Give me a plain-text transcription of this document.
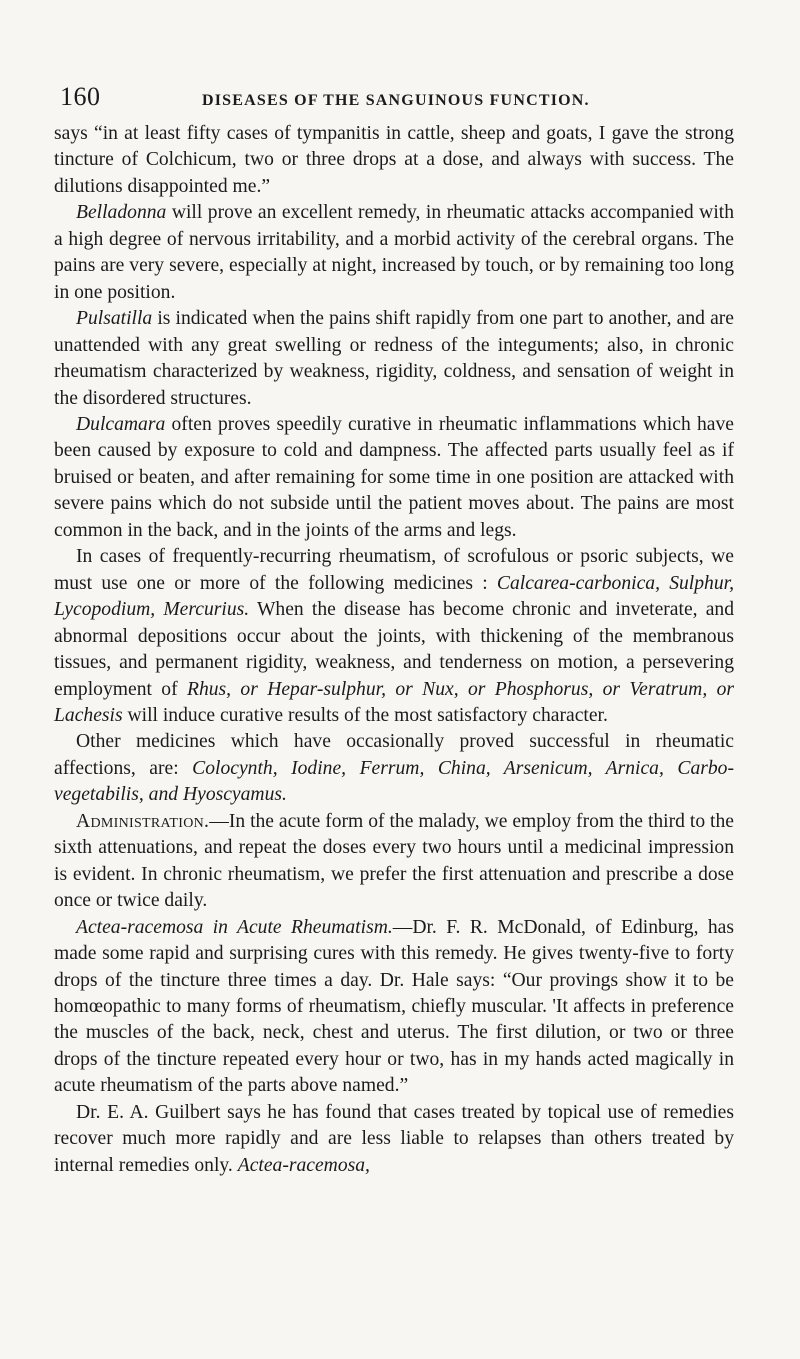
160	DISEASES OF THE SANGUINOUS FUNCTION.

says “in at least fifty cases of tympanitis in cattle, sheep and goats, I gave the strong tincture of Colchicum, two or three drops at a dose, and always with success. The dilutions disappointed me.”

Belladonna will prove an excellent remedy, in rheumatic attacks accompanied with a high degree of nervous irritability, and a morbid activity of the cerebral organs. The pains are very severe, especially at night, increased by touch, or by remaining too long in one position.

Pulsatilla is indicated when the pains shift rapidly from one part to another, and are unattended with any great swelling or redness of the integuments; also, in chronic rheumatism characterized by weakness, rigidity, coldness, and sensation of weight in the disordered structures.

Dulcamara often proves speedily curative in rheumatic inflammations which have been caused by exposure to cold and dampness. The affected parts usually feel as if bruised or beaten, and after remaining for some time in one position are attacked with severe pains which do not subside until the patient moves about. The pains are most common in the back, and in the joints of the arms and legs.

In cases of frequently-recurring rheumatism, of scrofulous or psoric subjects, we must use one or more of the following medicines : Calcarea-carbonica, Sulphur, Lycopodium, Mercurius. When the disease has become chronic and inveterate, and abnormal depositions occur about the joints, with thickening of the membranous tissues, and permanent rigidity, weakness, and tenderness on motion, a persevering employment of Rhus, or Hepar-sulphur, or Nux, or Phosphorus, or Veratrum, or Lachesis will induce curative results of the most satisfactory character.

Other medicines which have occasionally proved successful in rheumatic affections, are: Colocynth, Iodine, Ferrum, China, Arsenicum, Arnica, Carbo-vegetabilis, and Hyoscyamus.

Administration.—In the acute form of the malady, we employ from the third to the sixth attenuations, and repeat the doses every two hours until a medicinal impression is evident. In chronic rheumatism, we prefer the first attenuation and prescribe a dose once or twice daily.

Actea-racemosa in Acute Rheumatism.—Dr. F. R. McDonald, of Edinburg, has made some rapid and surprising cures with this remedy. He gives twenty-five to forty drops of the tincture three times a day. Dr. Hale says: “Our provings show it to be homœopathic to many forms of rheumatism, chiefly muscular. 'It affects in preference the muscles of the back, neck, chest and uterus. The first dilution, or two or three drops of the tincture repeated every hour or two, has in my hands acted magically in acute rheumatism of the parts above named.”

Dr. E. A. Guilbert says he has found that cases treated by topical use of remedies recover much more rapidly and are less liable to relapses than others treated by internal remedies only. Actea-racemosa,
